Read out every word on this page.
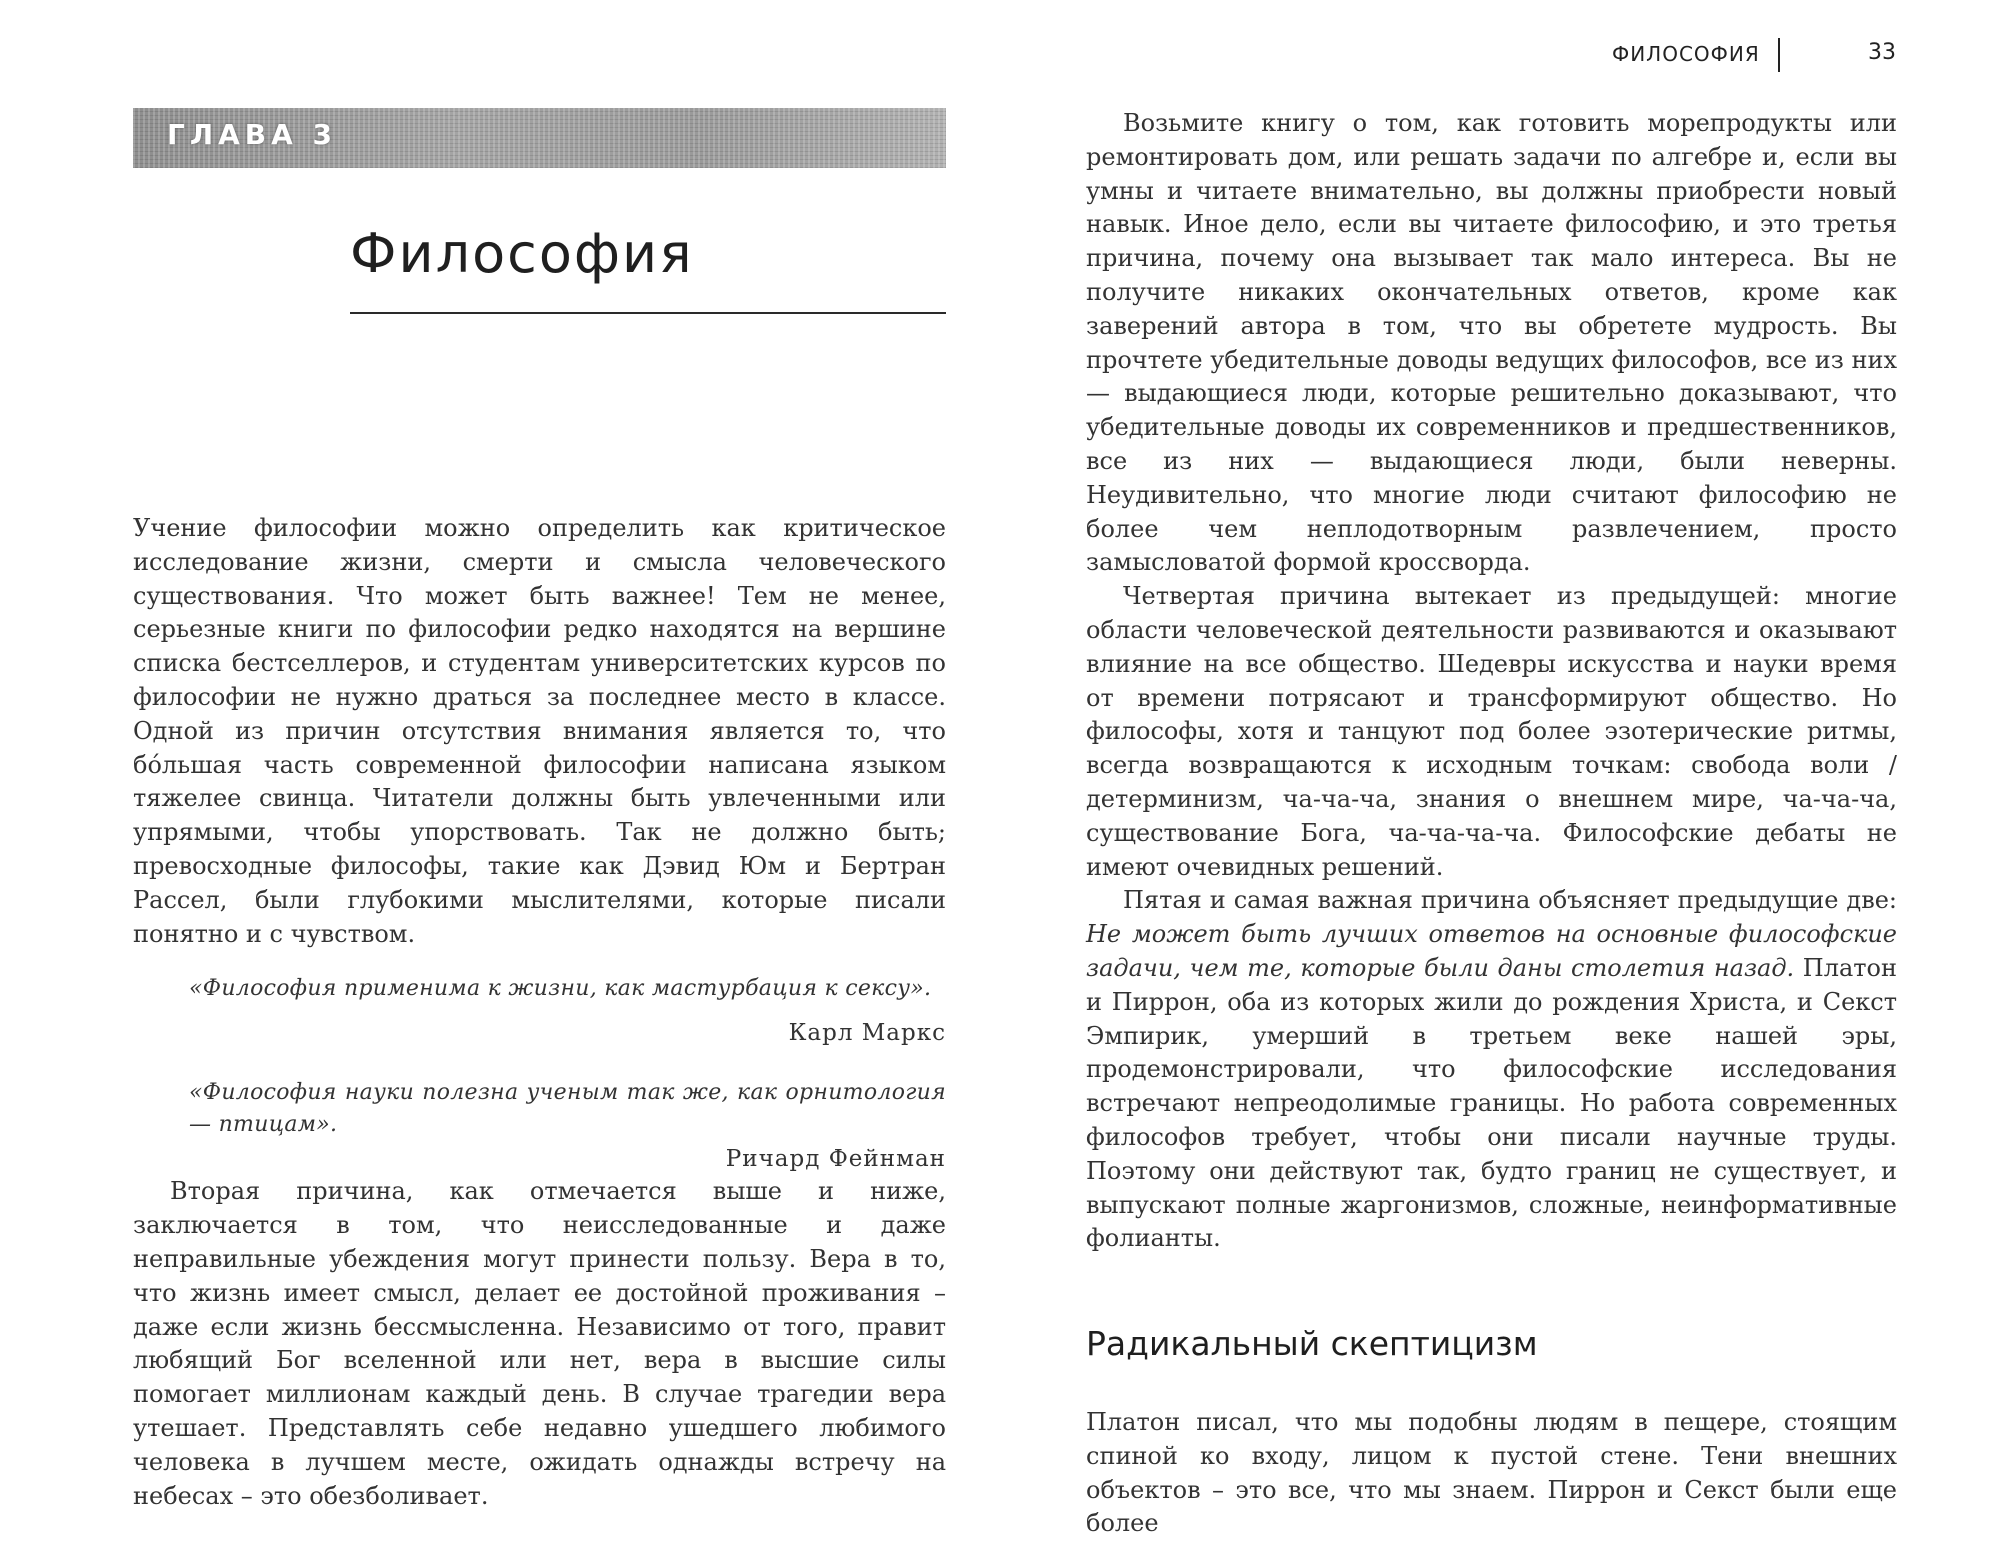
ГЛАВА 3
Философия

Учение философии можно определить как критическое исследование жизни, смерти и смысла человеческого существования. Что может быть важнее! Тем не менее, серьезные книги по философии редко находятся на вершине списка бестселлеров, и студентам университетских курсов по философии не нужно драться за последнее место в классе. Одной из причин отсутствия внимания является то, что бóльшая часть современной философии написана языком тяжелее свинца. Читатели должны быть увлеченными или упрямыми, чтобы упорствовать. Так не должно быть; превосходные философы, такие как Дэвид Юм и Бертран Рассел, были глубокими мыслителями, которые писали понятно и с чувством.

«Философия применима к жизни, как мастурбация к сексу».

Карл Маркс

«Философия науки полезна ученым так же, как орнитология — птицам».

Ричард Фейнман

Вторая причина, как отмечается выше и ниже, заключается в том, что неисследованные и даже неправильные убеждения могут принести пользу. Вера в то, что жизнь имеет смысл, делает ее достойной проживания – даже если жизнь бессмысленна. Независимо от того, правит любящий Бог вселенной или нет, вера в высшие силы помогает миллионам каждый день. В случае трагедии вера утешает. Представлять себе недавно ушедшего любимого человека в лучшем месте, ожидать однажды встречу на небесах – это обезболивает.

ФИЛОСОФИЯ	33

Возьмите книгу о том, как готовить морепродукты или ремонтировать дом, или решать задачи по алгебре и, если вы умны и читаете внимательно, вы должны приобрести новый навык. Иное дело, если вы читаете философию, и это третья причина, почему она вызывает так мало интереса. Вы не получите никаких окончательных ответов, кроме как заверений автора в том, что вы обретете мудрость. Вы прочтете убедительные доводы ведущих философов, все из них — выдающиеся люди, которые решительно доказывают, что убедительные доводы их современников и предшественников, все из них — выдающиеся люди, были неверны. Неудивительно, что многие люди считают философию не более чем неплодотворным развлечением, просто замысловатой формой кроссворда.

Четвертая причина вытекает из предыдущей: многие области человеческой деятельности развиваются и оказывают влияние на все общество. Шедевры искусства и науки время от времени потрясают и трансформируют общество. Но философы, хотя и танцуют под более эзотерические ритмы, всегда возвращаются к исходным точкам: свобода воли / детерминизм, ча-ча-ча, знания о внешнем мире, ча-ча-ча, существование Бога, ча-ча-ча-ча. Философские дебаты не имеют очевидных решений.

Пятая и самая важная причина объясняет предыдущие две: Не может быть лучших ответов на основные философские задачи, чем те, которые были даны столетия назад. Платон и Пиррон, оба из которых жили до рождения Христа, и Секст Эмпирик, умерший в третьем веке нашей эры, продемонстрировали, что философские исследования встречают непреодолимые границы. Но работа современных философов требует, чтобы они писали научные труды. Поэтому они действуют так, будто границ не существует, и выпускают полные жаргонизмов, сложные, неинформативные фолианты.

Радикальный скептицизм

Платон писал, что мы подобны людям в пещере, стоящим спиной ко входу, лицом к пустой стене. Тени внешних объектов – это все, что мы знаем. Пиррон и Секст были еще более
